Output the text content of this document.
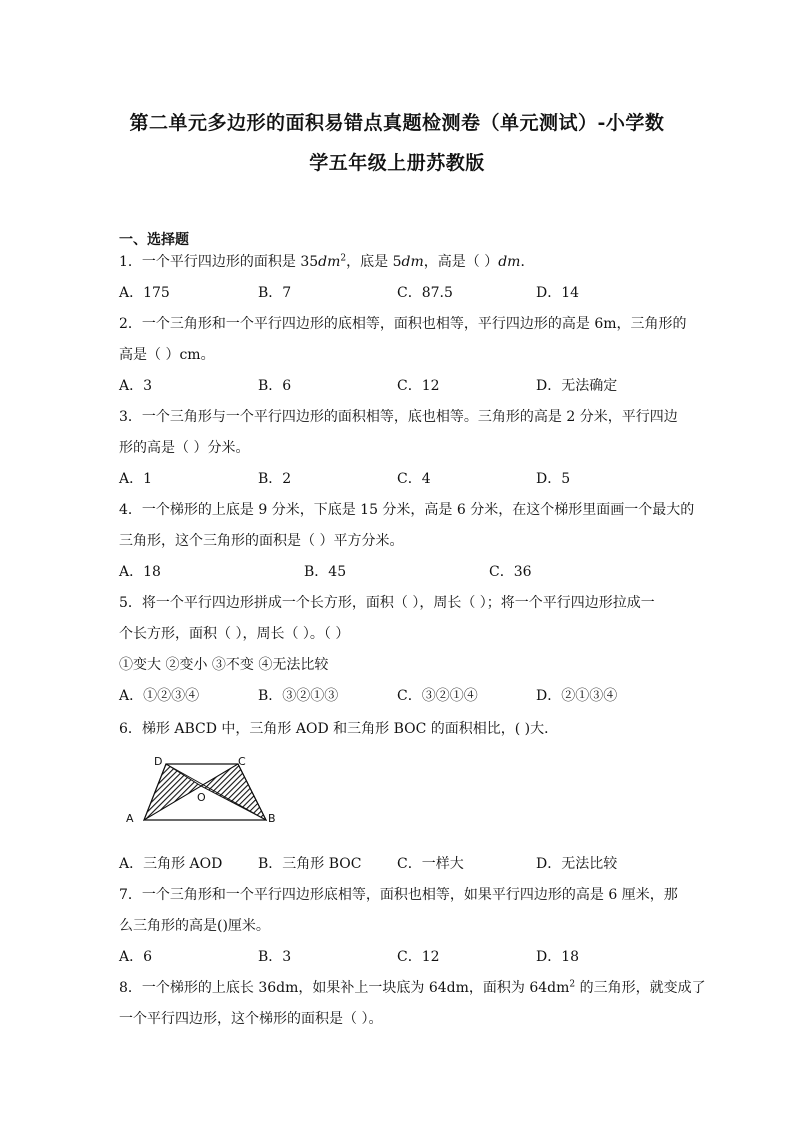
第二单元多边形的面积易错点真题检测卷（单元测试）-小学数
学五年级上册苏教版
一、选择题
1．一个平行四边形的面积是 $35dm^2$，底是 5dm，高是（ ）dm．
A．175	B．7	C．87.5	D．14
2．一个三角形和一个平行四边形的底相等，面积也相等，平行四边形的高是 6m，三角形的
高是（ ）cm。
A．3	B．6	C．12	D．无法确定
3．一个三角形与一个平行四边形的面积相等，底也相等。三角形的高是 2 分米，平行四边
形的高是（ ）分米。
A．1	B．2	C．4	D．5
4．一个梯形的上底是 9 分米，下底是 15 分米，高是 6 分米，在这个梯形里面画一个最大的
三角形，这个三角形的面积是（ ）平方分米。
A．18	B．45	C．36
5．将一个平行四边形拼成一个长方形，面积（ ），周长（ ）；将一个平行四边形拉成一
个长方形，面积（ ），周长（ ）。（ ）
①变大 ②变小 ③不变 ④无法比较
A．①②③④	B．③②①③	C．③②①④	D．②①③④
6．梯形 ABCD 中，三角形 AOD 和三角形 BOC 的面积相比，( )大．
D	C
O
A	B
A．三角形 AOD	B．三角形 BOC	C．一样大	D．无法比较
7．一个三角形和一个平行四边形底相等，面积也相等，如果平行四边形的高是 6 厘米，那
么三角形的高是()厘米。
A．6	B．3	C．12	D．18
8．一个梯形的上底长 36dm，如果补上一块底为 64dm，面积为 $64dm^2$ 的三角形，就变成了
一个平行四边形，这个梯形的面积是（ ）。
